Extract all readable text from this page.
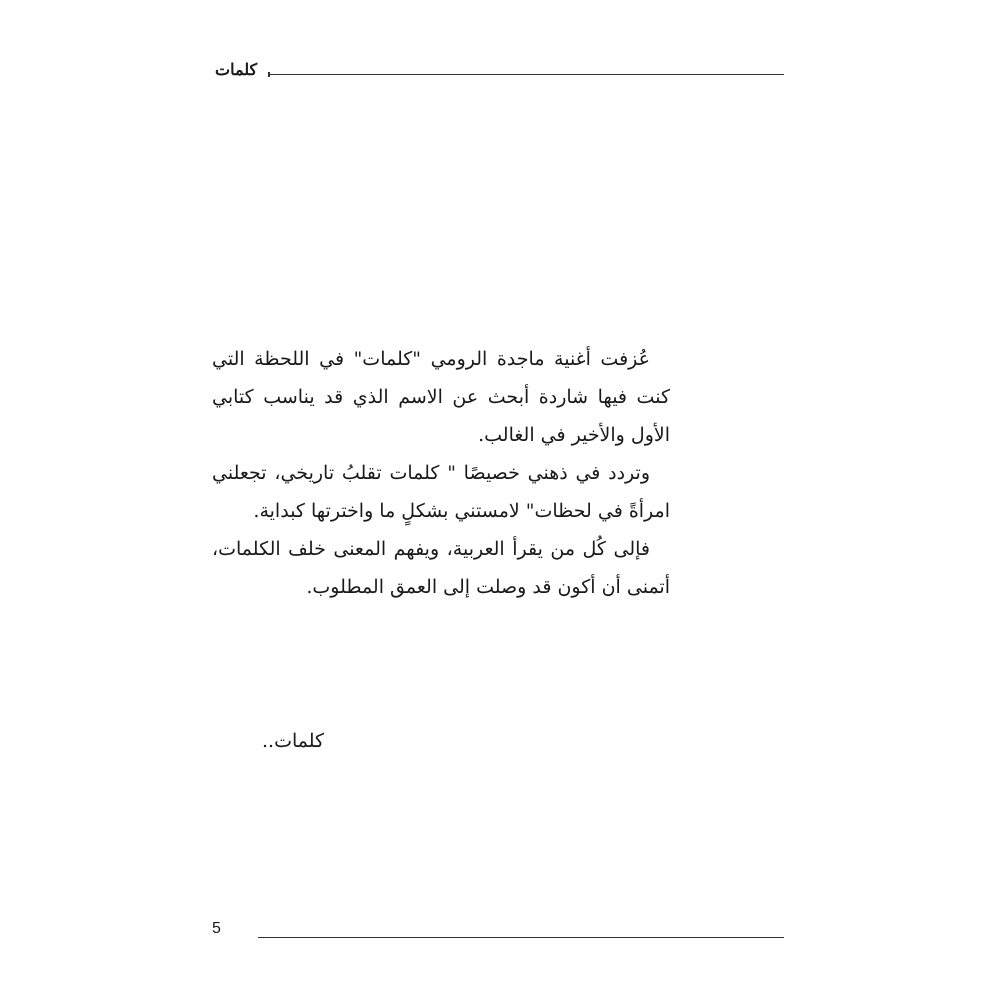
كلمات

عُزفت أغنية ماجدة الرومي "كلمات" في اللحظة التي كنت فيها شاردة أبحث عن الاسم الذي قد يناسب كتابي الأول والأخير في الغالب.

وتردد في ذهني خصيصًا " كلمات تقلبُ تاريخي، تجعلني امرأةً في لحظات" لامستني بشكلٍ ما واخترتها كبداية.

فإلى كُل من يقرأ العربية، ويفهم المعنى خلف الكلمات، أتمنى أن أكون قد وصلت إلى العمق المطلوب.

كلمات..
5
